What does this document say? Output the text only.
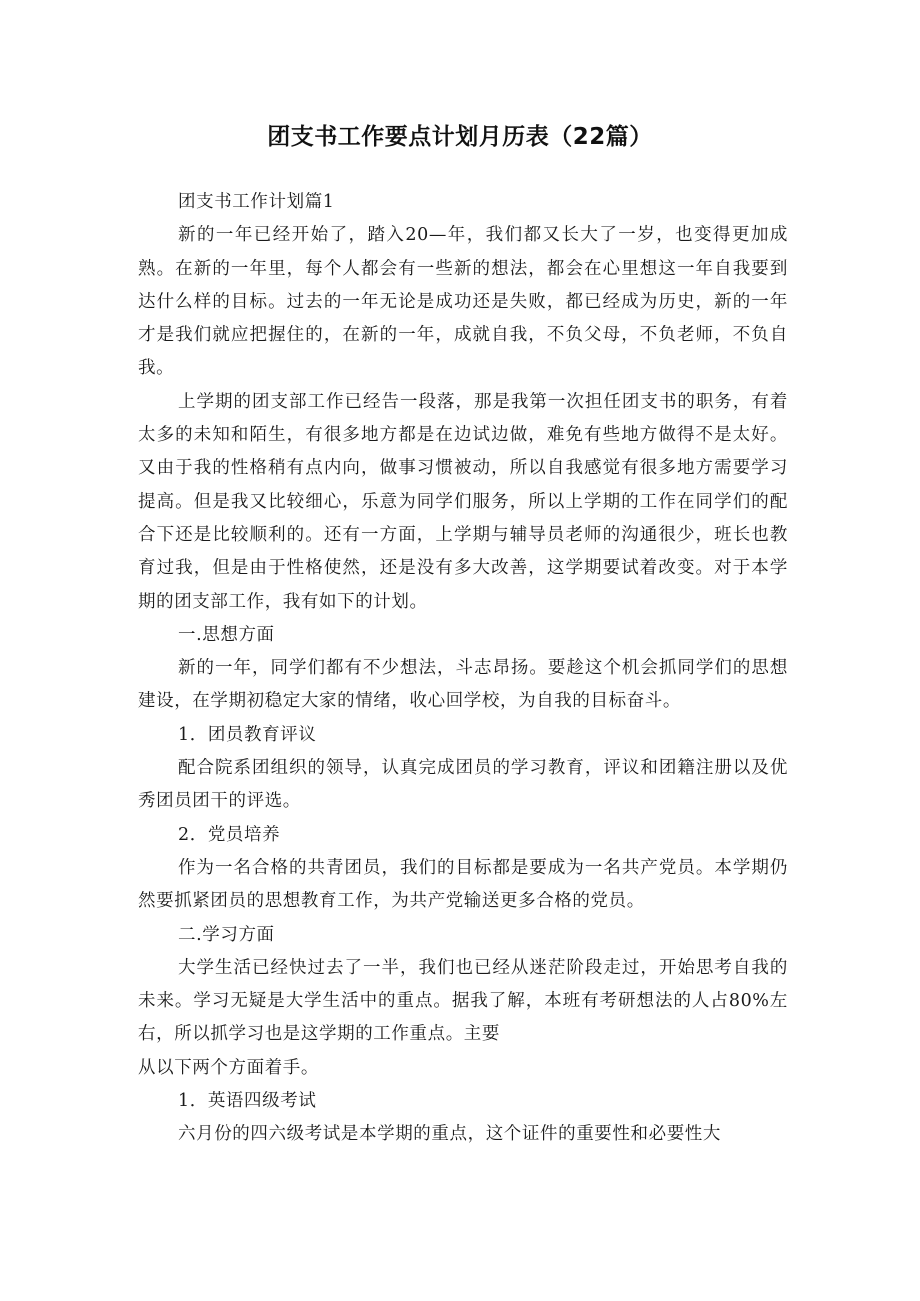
团支书工作要点计划月历表（22篇）

团支书工作计划篇1

新的一年已经开始了，踏入20—年，我们都又长大了一岁，也变得更加成熟。在新的一年里，每个人都会有一些新的想法，都会在心里想这一年自我要到达什么样的目标。过去的一年无论是成功还是失败，都已经成为历史，新的一年才是我们就应把握住的，在新的一年，成就自我，不负父母，不负老师，不负自我。

上学期的团支部工作已经告一段落，那是我第一次担任团支书的职务，有着太多的未知和陌生，有很多地方都是在边试边做，难免有些地方做得不是太好。又由于我的性格稍有点内向，做事习惯被动，所以自我感觉有很多地方需要学习提高。但是我又比较细心，乐意为同学们服务，所以上学期的工作在同学们的配合下还是比较顺利的。还有一方面，上学期与辅导员老师的沟通很少，班长也教育过我，但是由于性格使然，还是没有多大改善，这学期要试着改变。对于本学期的团支部工作，我有如下的计划。

一.思想方面

新的一年，同学们都有不少想法，斗志昂扬。要趁这个机会抓同学们的思想建设，在学期初稳定大家的情绪，收心回学校，为自我的目标奋斗。

1．团员教育评议

配合院系团组织的领导，认真完成团员的学习教育，评议和团籍注册以及优秀团员团干的评选。

2．党员培养

作为一名合格的共青团员，我们的目标都是要成为一名共产党员。本学期仍然要抓紧团员的思想教育工作，为共产党输送更多合格的党员。

二.学习方面

大学生活已经快过去了一半，我们也已经从迷茫阶段走过，开始思考自我的未来。学习无疑是大学生活中的重点。据我了解，本班有考研想法的人占80%左右，所以抓学习也是这学期的工作重点。主要

从以下两个方面着手。

1．英语四级考试

六月份的四六级考试是本学期的重点，这个证件的重要性和必要性大
